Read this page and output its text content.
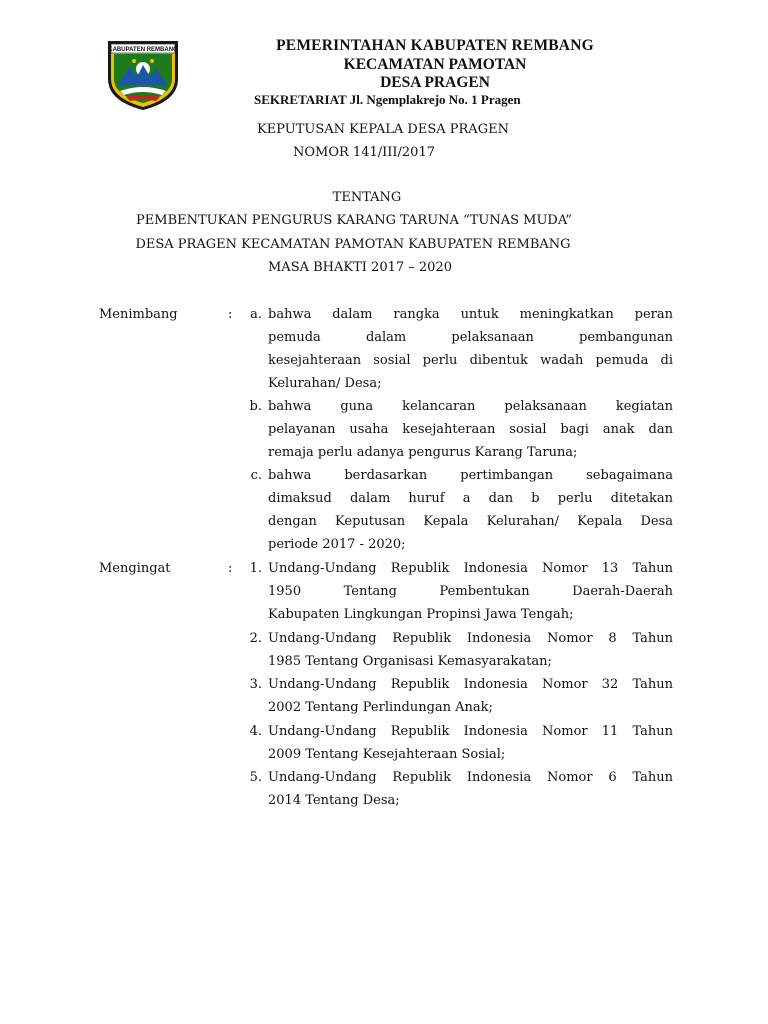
KABUPATEN REMBANG	PEMERINTAHAN KABUPATEN REMBANG
KECAMATAN PAMOTAN
DESA PRAGEN
SEKRETARIAT Jl. Ngemplakrejo No. 1 Pragen
KEPUTUSAN KEPALA DESA PRAGEN
NOMOR 141/III/2017
TENTANG
PEMBENTUKAN PENGURUS KARANG TARUNA “TUNAS MUDA”
DESA PRAGEN KECAMATAN PAMOTAN KABUPATEN REMBANG
MASA BHAKTI 2017 – 2020
Menimbang	:	a. bahwa dalam rangka untuk meningkatkan peran
pemuda dalam pelaksanaan pembangunan
kesejahteraan sosial perlu dibentuk wadah pemuda di
Kelurahan/ Desa;
b. bahwa guna kelancaran pelaksanaan kegiatan
pelayanan usaha kesejahteraan sosial bagi anak dan
remaja perlu adanya pengurus Karang Taruna;
c. bahwa berdasarkan pertimbangan sebagaimana
dimaksud dalam huruf a dan b perlu ditetakan
dengan Keputusan Kepala Kelurahan/ Kepala Desa
periode 2017 - 2020;
Mengingat	:	1. Undang-Undang Republik Indonesia Nomor 13 Tahun
1950 Tentang Pembentukan Daerah-Daerah
Kabupaten Lingkungan Propinsi Jawa Tengah;
2. Undang-Undang Republik Indonesia Nomor 8 Tahun
1985 Tentang Organisasi Kemasyarakatan;
3. Undang-Undang Republik Indonesia Nomor 32 Tahun
2002 Tentang Perlindungan Anak;
4. Undang-Undang Republik Indonesia Nomor 11 Tahun
2009 Tentang Kesejahteraan Sosial;
5. Undang-Undang Republik Indonesia Nomor 6 Tahun
2014 Tentang Desa;
